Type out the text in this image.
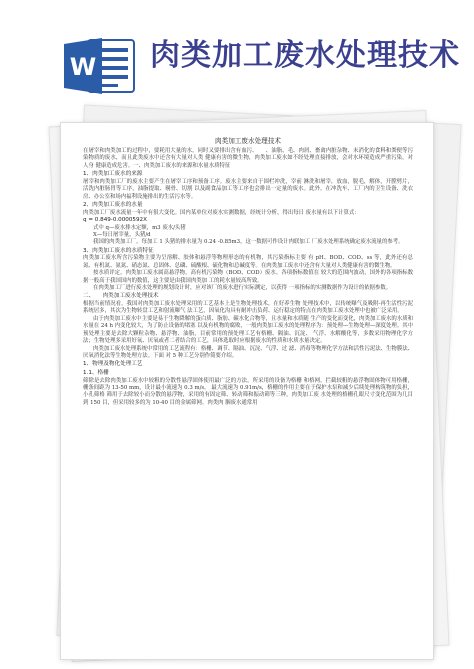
W 肉类加工废水处理技术
肉类加工废水处理技术
在屠宰和肉类加工的过程中，要耗用大量的水，同时又要排出含有血污、　　、油脂、毛、肉屑、畜禽内脏杂物、未消化的食料和粪便等污染物质的废水，而且此类废水中还含有大量对人类 健康有害的微生物，肉类加工废水如不经处理直接排放，会对水环境造成严重污染，对人身 健康造成危害。一、肉类加工废水的来源和水量水质特征
1、肉类加工废水的来源
屠宰和肉类加工厂的废水主要产生在屠宰工序和预备工序。废水主要来自于围栏冲洗，宰前 淋洗和屠宰，放血，脱毛，解体，开膛劈片，活洗内脏肠胃等工序，油脂提取、剔骨、切割 以及副食品加工等工序也会排出一定量的废水。此外，在冲洗车、工厂内的卫生设备、洗衣房、办公室和场内福利设施排出的生活污水等。
2、肉类加工废水的水量
肉类加工厂废水流量一年中有很大变化。国内某单位对废水实测数据，经统计分析，得出每日 废水量有以下计算式：
q = 0.849-0.0000592X
式中 q—废水排水定额，m3 废水/头猪
X—每日屠宰量，头猪/d
我国的肉类加工厂，每加工 1 头猪的排水量为 0.24 -0.85m3，这一数据可作设计肉联加工 厂废水处理系统确定废水流量的参考。
3、肉类加工废水的水质特征
肉类加工废水所含污染物主要为呈溶解、胶体和悬浮等物理形态的有机物，其污染指标主要 有 pH、BOD、COD、ss 等，此外还有总氮、有机氮、氨氮、硝态氮、总固体、总磷、硫酸根、硫化物和总碱度等。在肉类加工废水中还含有大量对人类健康有害的微生物。
按水质评定，肉类加工废水属高悬浮物，高有机污染物（BOD、COD）废水。各项指标数值在 较大的范围内波动，国外的各项指标数据一般高于我国国内的数值，这主要是由我国肉类加 工的耗水量较高所致。
在肉类加工厂进行废水处理的规划设计时，应对该厂的废水进行实际测定，以获得 一项指标的实测数据作为设计的依据参数。
二、　　肉类加工废水处理技术
根据当前情况看，我国对肉类加工废水处理采用的工艺基本上是生物处理技术，在好养生物 处理技术中，以传统曝气及吸附-再生活性污泥系统居多，其次为生物转盘工艺和射流曝气 法工艺，因氧化沟具有耐冲击负荷、运行稳定的特点在肉类加工废水处理中也被广泛采用。
由于肉类加工废水中主要是易于生物降解的蛋白质、脂肪、碳水化合物等，且水量和水质随 生产的变化而变化，肉类加工废水的水质和水量在 24 h 内变化较大，为了防止设备的堵塞 以及有机物的腐败，一般肉类加工废水的处理程序为：预处理—生物处理—深度处理。其中 预处理主要是去除大颗粒杂物、悬浮物、油脂，目前常用的预处理工艺有格栅、隔油、沉淀、 气浮、水解酸化等，多数采用物理化学方法；生物处理多采用好氧、厌氧或者二者结合的工艺，具体选取时应根据废水的性质和水质水量决定。
肉类加工废水处理系统中常用的工艺流程有：格栅、调节、隔油、沉淀、气浮、过 滤、消毒等物理化学方法和活性污泥法、生物膜法、厌氧消化法等生物处理方法。下面 对 5 种工艺分别作简要介绍。
1、物理及物化处理工艺
1.1、格栅
筛除是去除肉类加工废水中较粗的分散性悬浮固体使用最广泛的方法，所采用的设备为格栅 和格网，拦截较粗的悬浮物固体物可用格栅，栅条间距为 13-50 mm，设计最小流速为 0.3 m/s， 最大流速为 0.91m/s，格栅的作用主要在于保护水泵和减少后续处理构筑物的负担，小孔筛格 筛用于去除较小而分散的悬浮物，采用的有固定筛、转动筛和振动筛等三种，肉类加工废 水处理的格栅孔眼尺寸变化范围为几目到 150 目，但采用较多的为 10-40 目的金属筛网。肉类肉 胭废水通常用
